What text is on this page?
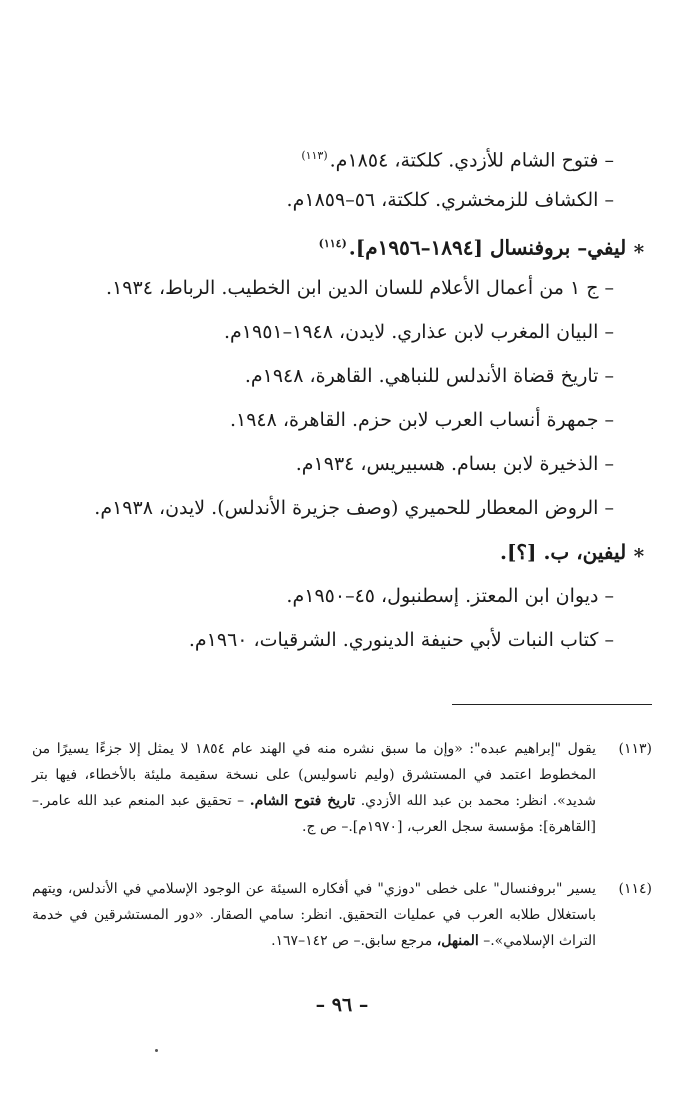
– فتوح الشام للأزدي. كلكتة، ١٨٥٤م.$^{(١١٣)}$
– الكشاف للزمخشري. كلكتة، ٥٦–١٨٥٩م.
∗ليفي– بروفنسال [١٨٩٤–١٩٥٦م].$^{(١١٤)}$
– ج ١ من أعمال الأعلام للسان الدين ابن الخطيب. الرباط، ١٩٣٤.
– البيان المغرب لابن عذاري. لايدن، ١٩٤٨–١٩٥١م.
– تاريخ قضاة الأندلس للنباهي. القاهرة، ١٩٤٨م.
– جمهرة أنساب العرب لابن حزم. القاهرة، ١٩٤٨.
– الذخيرة لابن بسام. هسبيريس، ١٩٣٤م.
– الروض المعطار للحميري (وصف جزيرة الأندلس). لايدن، ١٩٣٨م.
∗ليفين، ب. [؟].
– ديوان ابن المعتز. إسطنبول، ٤٥–١٩٥٠م.
– كتاب النبات لأبي حنيفة الدينوري. الشرقيات، ١٩٦٠م.
(١١٣)
يقول "إبراهيم عبده": «وإن ما سبق نشره منه في الهند عام ١٨٥٤ لا يمثل إلا جزءًا يسيرًا من المخطوط اعتمد في المستشرق (وليم ناسوليس) على نسخة سقيمة مليئة بالأخطاء، فيها بتر شديد». انظر: محمد بن عبد الله الأزدي. تاريخ فتوح الشام. – تحقيق عبد المنعم عبد الله عامر.– [القاهرة]: مؤسسة سجل العرب، [١٩٧٠م].– ص ج.
(١١٤)
يسير "بروفنسال" على خطى "دوزي" في أفكاره السيئة عن الوجود الإسلامي في الأندلس، ويتهم باستغلال طلابه العرب في عمليات التحقيق. انظر: سامي الصقار. «دور المستشرقين في خدمة التراث الإسلامي».– المنهل، مرجع سابق.– ص ١٤٢–١٦٧.
– ٩٦ –
